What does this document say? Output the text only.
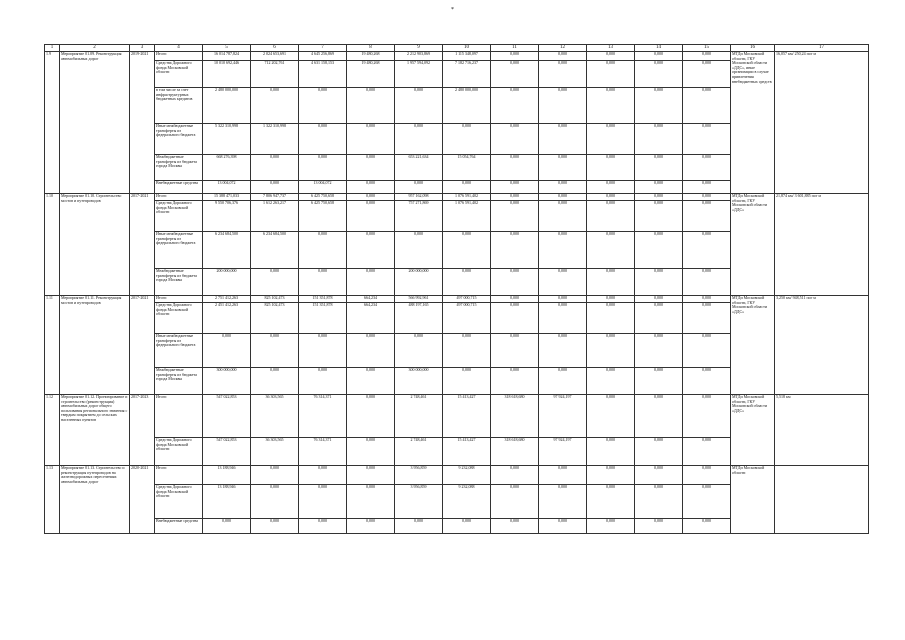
*
1	2	3	4	5	6	7	8	9	10	11	12	13	14	15	16	17
1.9	Мероприятие 01.09. Реконструкция автомобильных дорог	2019-2021	Итого:	16 014 787,824	2 024 653,691	4 645 256,869	19 480,268	2 212 903,869	1 115 348,097	0,000	0,000	0,000	0,000	0,000	МТДи Московской области, ГКУ Московской области «ДДС», иные организации в случае привлечения внебюджетных средств	16,057 км/ 250,24 пог м
			Средства Дорожного фонда Московской области	10 010 692,446	712 202,761	4 631 158,153	19 480,268	1 957 594,092	7 182 716,237	0,000	0,000	0,000	0,000	0,000		
			в том числе за счет инфраструктурных бюджетных кредитов	2 480 000,000	0,000	0,000	0,000	0,000	2 480 000,000	0,000	0,000	0,000	0,000	0,000		
			Иные межбюджетные трансферты из федерального бюджета	5 322 310,998	1 322 310,998	0,000	0,000	0,000	0,000	0,000	0,000	0,000	0,000	0,000		
			Межбюджетные трансферты из бюджета города Москвы	668 276,398	0,000	0,000	0,000	653 221,634	15 054,764	0,000	0,000	0,000	0,000	0,000		
			Внебюджетные средства	13 004,072	0,000	13 004,072	0,000	0,000	0,000	0,000	0,000	0,000	0,000	0,000		
1.10	Мероприятие 01.10. Строительство мостов и путепроводов	2017-2021	Итого:	15 388 471,033	7 806 947,737	6 425 750,658	0,000	957 162,098	1 076 591,402	0,000	0,000	0,000	0,000	0,000	МТДи Московской области, ГКУ Московской области «ДДС»	21,874 км/ 3 601,885 пог м
			Средства Дорожного фонда Московской области	9 550 706,376	1 612 263,217	6 425 750,658	0,000	757 271,869	1 076 591,402	0,000	0,000	0,000	0,000	0,000		
			Иные межбюджетные трансферты из федерального бюджета	6 234 684,500	6 234 684,500	0,000	0,000	0,000	0,000	0,000	0,000	0,000	0,000	0,000		
			Межбюджетные трансферты из бюджета города Москвы	200 000,000	0,000	0,000	0,000	200 000,000	0,000	0,000	0,000	0,000	0,000	0,000		
1.11	Мероприятие 01.11. Реконструкция мостов и путепроводов	2017-2021	Итого:	2 751 412,263	825 102,473	151 351,878	664,234	566 992,961	497 000,715	0,000	0,000	0,000	0,000	0,000	МТДи Московской области, ГКУ Московской области «ДДС»	3,250 км/ 948,511 пог м
			Средства Дорожного фонда Московской области	2 451 412,263	825 102,473	151 351,878	664,234	488 197,165	497 000,715	0,000	0,000	0,000	0,000	0,000		
			Иные межбюджетные трансферты из федерального бюджета	0,000	0,000	0,000	0,000	0,000	0,000	0,000	0,000	0,000	0,000	0,000		
			Межбюджетные трансферты из бюджета города Москвы	300 000,000	0,000	0,000	0,000	300 000,000	0,000	0,000	0,000	0,000	0,000	0,000		
1.12	Мероприятие 01.12. Проектирование и строительство (реконструкция) автомобильных дорог общего пользования регионального значения с твердым покрытием до сельских населенных пунктов	2017-2023	Итого:	547 022,853	36 303,565	76 314,371	0,000	2 748,461	15 413,427	318 618,680	97 924,197	0,000	0,000	0,000	МТДи Московской области, ГКУ Московской области «ДДС»	5,518 км
			Средства Дорожного фонда Московской области	547 022,853	36 303,565	76 314,371	0,000	2 748,461	15 413,427	318 618,680	97 924,197	0,000	0,000	0,000		
1.13	Мероприятие 01.13. Строительство и реконструкция путепроводов на железнодорожных пересечениях автомобильных дорог	2020-2021	Итого:	13 188,946	0,000	0,000	0,000	3 956,859	9 232,088	0,000	0,000	0,000	0,000	0,000	МТДи Московской области	
			Средства Дорожного фонда Московской области	13 188,946	0,000	0,000	0,000	3 956,859	9 232,088	0,000	0,000	0,000	0,000	0,000		
			Внебюджетные средства	0,000	0,000	0,000	0,000	0,000	0,000	0,000	0,000	0,000	0,000	0,000		
